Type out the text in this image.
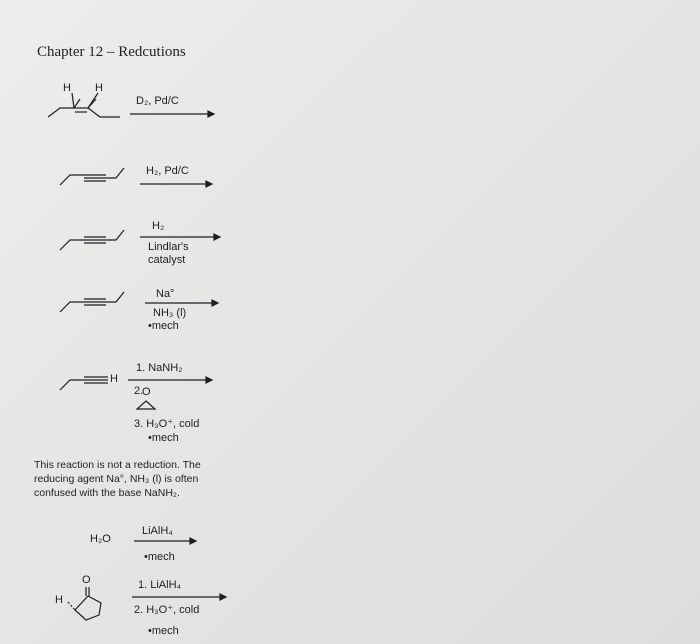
Chapter 12 – Redcutions
H H
D₂, Pd/C
H₂, Pd/C
H₂
Lindlar's
catalyst
Na°
NH₃ (l)
•mech
H
1. NaNH₂
2.
O
3. H₃O⁺, cold
•mech
This reaction is not a reduction. The
reducing agent Na°, NH₃ (l) is often
confused with the base NaNH₂.
H₂O
LiAlH₄
•mech
O
H
1. LiAlH₄
2. H₃O⁺, cold
•mech
